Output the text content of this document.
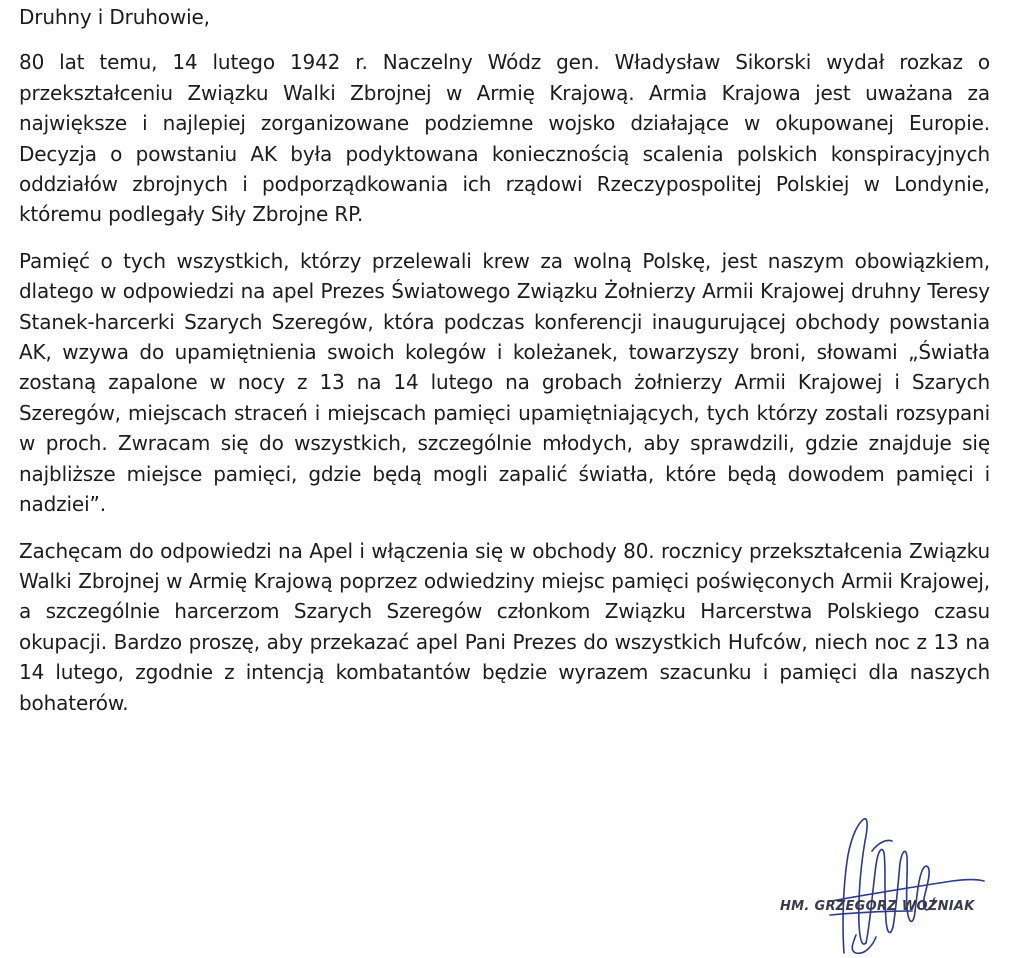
Druhny i Druhowie,

80 lat temu, 14 lutego 1942 r. Naczelny Wódz gen. Władysław Sikorski wydał rozkaz o przekształceniu Związku Walki Zbrojnej w Armię Krajową. Armia Krajowa jest uważana za największe i najlepiej zorganizowane podziemne wojsko działające w okupowanej Europie. Decyzja o powstaniu AK była podyktowana koniecznością scalenia polskich konspiracyjnych oddziałów zbrojnych i podporządkowania ich rządowi Rzeczypospolitej Polskiej w Londynie, któremu podlegały Siły Zbrojne RP.

Pamięć o tych wszystkich, którzy przelewali krew za wolną Polskę, jest naszym obowiązkiem, dlatego w odpowiedzi na apel Prezes Światowego Związku Żołnierzy Armii Krajowej druhny Teresy Stanek-harcerki Szarych Szeregów, która podczas konferencji inaugurującej obchody powstania AK, wzywa do upamiętnienia swoich kolegów i koleżanek, towarzyszy broni, słowami „Światła zostaną zapalone w nocy z 13 na 14 lutego na grobach żołnierzy Armii Krajowej i Szarych Szeregów, miejscach straceń i miejscach pamięci upamiętniających, tych którzy zostali rozsypani w proch. Zwracam się do wszystkich, szczególnie młodych, aby sprawdzili, gdzie znajduje się najbliższe miejsce pamięci, gdzie będą mogli zapalić światła, które będą dowodem pamięci i nadziei”.

Zachęcam do odpowiedzi na Apel i włączenia się w obchody 80. rocznicy przekształcenia Związku Walki Zbrojnej w Armię Krajową poprzez odwiedziny miejsc pamięci poświęconych Armii Krajowej, a szczególnie harcerzom Szarych Szeregów członkom Związku Harcerstwa Polskiego czasu okupacji. Bardzo proszę, aby przekazać apel Pani Prezes do wszystkich Hufców, niech noc z 13 na 14 lutego, zgodnie z intencją kombatantów będzie wyrazem szacunku i pamięci dla naszych bohaterów.

HM. GRZEGORZ WOŹNIAK
